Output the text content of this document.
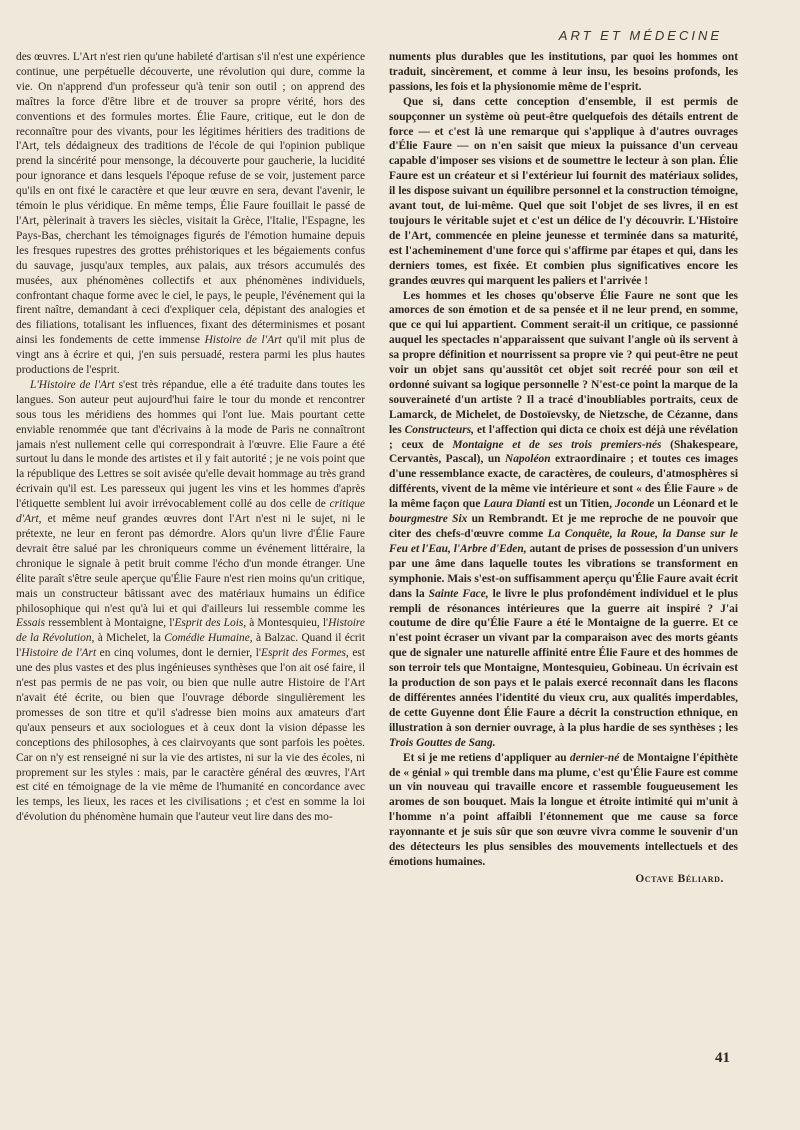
ART ET MÉDECINE

des œuvres. L'Art n'est rien qu'une habileté d'artisan s'il n'est une expérience continue, une perpétuelle découverte, une révolution qui dure, comme la vie. On n'apprend d'un professeur qu'à tenir son outil ; on apprend des maîtres la force d'être libre et de trouver sa propre vérité, hors des conventions et des formules mortes. Élie Faure, critique, eut le don de reconnaître pour des vivants, pour les légitimes héritiers des traditions de l'Art, tels dédaigneux des traditions de l'école de qui l'opinion publique prend la sincérité pour mensonge, la découverte pour gaucherie, la lucidité pour ignorance et dans lesquels l'époque refuse de se voir, justement parce qu'ils en ont fixé le caractère et que leur œuvre en sera, devant l'avenir, le témoin le plus véridique. En même temps, Élie Faure fouillait le passé de l'Art, pèlerinait à travers les siècles, visitait la Grèce, l'Italie, l'Espagne, les Pays-Bas, cherchant les témoignages figurés de l'émotion humaine depuis les fresques rupestres des grottes préhistoriques et les bégaiements confus du sauvage, jusqu'aux temples, aux palais, aux trésors accumulés des musées, aux phénomènes collectifs et aux phénomènes individuels, confrontant chaque forme avec le ciel, le pays, le peuple, l'événement qui la firent naître, demandant à ceci d'expliquer cela, dépistant des analogies et des filiations, totalisant les influences, fixant des déterminismes et posant ainsi les fondements de cette immense Histoire de l'Art qu'il mit plus de vingt ans à écrire et qui, j'en suis persuadé, restera parmi les plus hautes productions de l'esprit.

L'Histoire de l'Art s'est très répandue, elle a été traduite dans toutes les langues. Son auteur peut aujourd'hui faire le tour du monde et rencontrer sous tous les méridiens des hommes qui l'ont lue. Mais pourtant cette enviable renommée que tant d'écrivains à la mode de Paris ne connaîtront jamais n'est nullement celle qui correspondrait à l'œuvre. Elie Faure a été surtout lu dans le monde des artistes et il y fait autorité ; je ne vois point que la république des Lettres se soit avisée qu'elle devait hommage au très grand écrivain qu'il est. Les paresseux qui jugent les vins et les hommes d'après l'étiquette semblent lui avoir irrévocablement collé au dos celle de critique d'Art, et même neuf grandes œuvres dont l'Art n'est ni le sujet, ni le prétexte, ne leur en feront pas démordre. Alors qu'un livre d'Élie Faure devrait être salué par les chroniqueurs comme un événement littéraire, la chronique le signale à petit bruit comme l'écho d'un monde étranger. Une élite paraît s'être seule aperçue qu'Élie Faure n'est rien moins qu'un critique, mais un constructeur bâtissant avec des matériaux humains un édifice philosophique qui n'est qu'à lui et qui d'ailleurs lui ressemble comme les Essais ressemblent à Montaigne, l'Esprit des Lois, à Montesquieu, l'Histoire de la Révolution, à Michelet, la Comédie Humaine, à Balzac. Quand il écrit l'Histoire de l'Art en cinq volumes, dont le dernier, l'Esprit des Formes, est une des plus vastes et des plus ingénieuses synthèses que l'on ait osé faire, il n'est pas permis de ne pas voir, ou bien que nulle autre Histoire de l'Art n'avait été écrite, ou bien que l'ouvrage déborde singulièrement les promesses de son titre et qu'il s'adresse bien moins aux amateurs d'art qu'aux penseurs et aux sociologues et à ceux dont la vision dépasse les conceptions des philosophes, à ces clairvoyants que sont parfois les poètes. Car on n'y est renseigné ni sur la vie des artistes, ni sur la vie des écoles, ni proprement sur les styles : mais, par le caractère général des œuvres, l'Art est cité en témoignage de la vie même de l'humanité en concordance avec les temps, les lieux, les races et les civilisations ; et c'est en somme la loi d'évolution du phénomène humain que l'auteur veut lire dans des mo-

numents plus durables que les institutions, par quoi les hommes ont traduit, sincèrement, et comme à leur insu, les besoins profonds, les passions, les fois et la physionomie même de l'esprit.

Que si, dans cette conception d'ensemble, il est permis de soupçonner un système où peut-être quelquefois des détails entrent de force — et c'est là une remarque qui s'applique à d'autres ouvrages d'Élie Faure — on n'en saisit que mieux la puissance d'un cerveau capable d'imposer ses visions et de soumettre le lecteur à son plan. Élie Faure est un créateur et si l'extérieur lui fournit des matériaux solides, il les dispose suivant un équilibre personnel et la construction témoigne, avant tout, de lui-même. Quel que soit l'objet de ses livres, il en est toujours le véritable sujet et c'est un délice de l'y découvrir. L'Histoire de l'Art, commencée en pleine jeunesse et terminée dans sa maturité, est l'acheminement d'une force qui s'affirme par étapes et qui, dans les derniers tomes, est fixée. Et combien plus significatives encore les grandes œuvres qui marquent les paliers et l'arrivée !

Les hommes et les choses qu'observe Élie Faure ne sont que les amorces de son émotion et de sa pensée et il ne leur prend, en somme, que ce qui lui appartient. Comment serait-il un critique, ce passionné auquel les spectacles n'apparaissent que suivant l'angle où ils servent à sa propre définition et nourrissent sa propre vie ? qui peut-être ne peut voir un objet sans qu'aussitôt cet objet soit recréé pour son œil et ordonné suivant sa logique personnelle ? N'est-ce point la marque de la souveraineté d'un artiste ? Il a tracé d'inoubliables portraits, ceux de Lamarck, de Michelet, de Dostoïevsky, de Nietzsche, de Cézanne, dans les Constructeurs, et l'affection qui dicta ce choix est déjà une révélation ; ceux de Montaigne et de ses trois premiers-nés (Shakespeare, Cervantès, Pascal), un Napoléon extraordinaire ; et toutes ces images d'une ressemblance exacte, de caractères, de couleurs, d'atmosphères si différents, vivent de la même vie intérieure et sont « des Élie Faure » de la même façon que Laura Dianti est un Titien, Joconde un Léonard et le bourgmestre Six un Rembrandt. Et je me reproche de ne pouvoir que citer des chefs-d'œuvre comme La Conquête, la Roue, la Danse sur le Feu et l'Eau, l'Arbre d'Eden, autant de prises de possession d'un univers par une âme dans laquelle toutes les vibrations se transforment en symphonie. Mais s'est-on suffisamment aperçu qu'Élie Faure avait écrit dans la Sainte Face, le livre le plus profondément individuel et le plus rempli de résonances intérieures que la guerre ait inspiré ? J'ai coutume de dire qu'Élie Faure a été le Montaigne de la guerre. Et ce n'est point écraser un vivant par la comparaison avec des morts géants que de signaler une naturelle affinité entre Élie Faure et des hommes de son terroir tels que Montaigne, Montesquieu, Gobineau. Un écrivain est la production de son pays et le palais exercé reconnaît dans les flacons de différentes années l'identité du vieux cru, aux qualités imperdables, de cette Guyenne dont Élie Faure a décrit la construction ethnique, en illustration à son dernier ouvrage, à la plus hardie de ses synthèses ; les Trois Gouttes de Sang.

Et si je me retiens d'appliquer au dernier-né de Montaigne l'épithète de « génial » qui tremble dans ma plume, c'est qu'Élie Faure est comme un vin nouveau qui travaille encore et rassemble fougueusement les aromes de son bouquet. Mais la longue et étroite intimité qui m'unit à l'homme n'a point affaibli l'étonnement que me cause sa force rayonnante et je suis sûr que son œuvre vivra comme le souvenir d'un des détecteurs les plus sensibles des mouvements intellectuels et des émotions humaines.

Octave Béliard.
41
